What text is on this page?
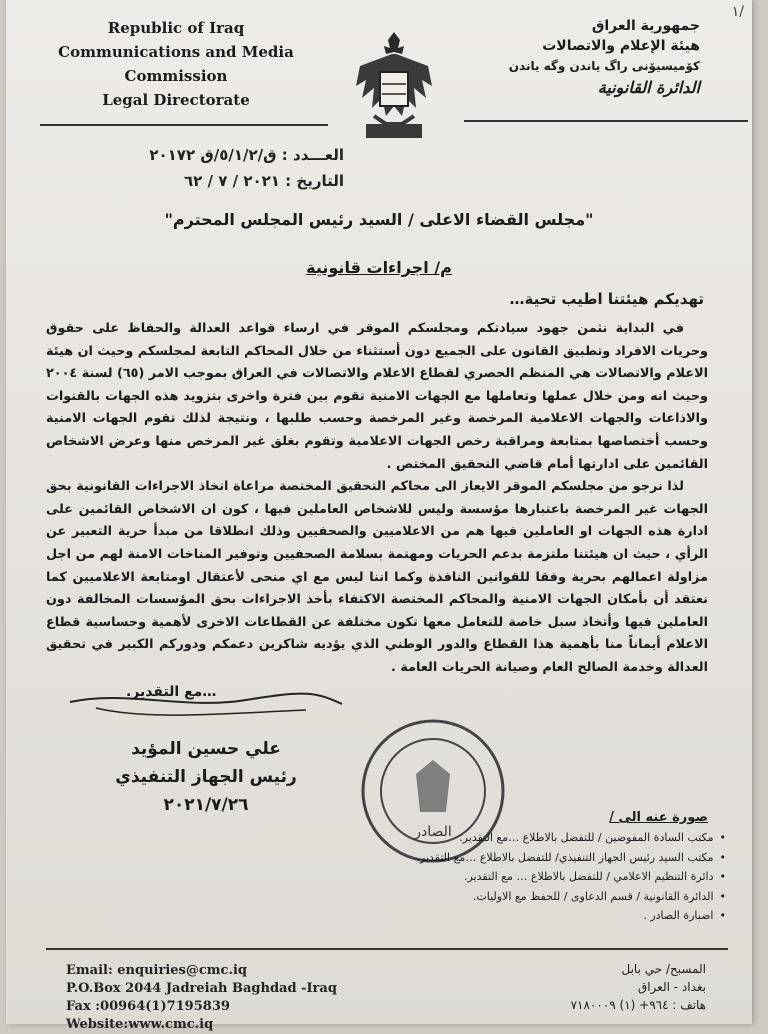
١/
Republic of Iraq
Communications and Media
Commission
Legal Directorate
جمهورية العراق
هيئة الإعلام والاتصالات
كۆمیسیۆنی راگ یاندن وگه یاندن
الدائرة القانونية
العـــدد : ق/٥/١/٢/ق ٢٠١٧٢
التاريخ : ٢٠٢١ / ٧ / ٦٢
"مجلس القضاء الاعلى / السيد رئيس المجلس المحترم"
م/ اجراءات قانونية
تهديكم هيئتنا اطيب تحية…

في البداية نثمن جهود سيادتكم ومجلسكم الموقر في ارساء قواعد العدالة والحفاظ على حقوق وحريات الافراد وتطبيق القانون على الجميع دون أستثناء من خلال المحاكم التابعة لمجلسكم وحيث ان هيئة الاعلام والاتصالات هي المنظم الحصري لقطاع الاعلام والاتصالات في العراق بموجب الامر (٦٥) لسنة ٢٠٠٤ وحيث انه ومن خلال عملها وتعاملها مع الجهات الامنية تقوم بين فترة واخرى بتزويد هذه الجهات بالقنوات والاذاعات والجهات الاعلامية المرخصة وغير المرخصة وحسب طلبها ، ونتيجة لذلك تقوم الجهات الامنية وحسب أختصاصها بمتابعة ومراقبة رخص الجهات الاعلامية وتقوم بغلق غير المرخص منها وعرض الاشخاص القائمين على ادارتها أمام قاضي التحقيق المختص .

لذا نرجو من مجلسكم الموقر الايعاز الى محاكم التحقيق المختصة مراعاة اتخاذ الاجراءات القانونية بحق الجهات غير المرخصة باعتبارها مؤسسة وليس للاشخاص العاملين فيها ، كون ان الاشخاص القائمين على ادارة هذه الجهات او العاملين فيها هم من الاعلاميين والصحفيين وذلك انطلاقا من مبدأ حرية التعبير عن الرأي ، حيث ان هيئتنا ملتزمة بدعم الحريات ومهتمة بسلامة الصحفيين وتوفير المناخات الامنة لهم من اجل مزاولة اعمالهم بحرية وفقا للقوانين النافذة وكما اننا ليس مع اي منحى لأعتقال اومتابعة الاعلاميين كما نعتقد أن بأمكان الجهات الامنية والمحاكم المختصة الاكتفاء بأخذ الاجراءات بحق المؤسسات المخالفة دون العاملين فيها وأتخاذ سبل خاصة للتعامل معها تكون مختلفة عن القطاعات الاخرى لأهمية وحساسية قطاع الاعلام أيماناً منا بأهمية هذا القطاع والدور الوطني الذي يؤديه شاكرين دعمكم ودوركم الكبير في تحقيق العدالة وخدمة الصالح العام وصيانة الحريات العامة .

…مع التقدير.
علي حسين المؤيد
رئيس الجهاز التنفيذي
٢٠٢١/٧/٢٦
الصادر
صورة عنه الى /
• مكتب السادة المفوضين / للتفضل بالاطلاع …مع التقدير.
• مكتب السيد رئيس الجهاز التنفيذي/ للتفضل بالاطلاع …مع التقدير.
• دائرة التنظيم الاعلامي / للتفضل بالاطلاع … مع التقدير.
• الدائرة القانونية / قسم الدعاوى / للحفظ مع الاوليات.
• اضبارة الصادر .
Email: enquiries@cmc.iq
P.O.Box 2044 Jadreiah Baghdad -Iraq
Fax :00964(1)7195839
Website:www.cmc.iq
المسبح/ حي بابل
بغداد - العراق
هاتف : ٩٦٤+ (١) ٧١٨٠٠٠٩
